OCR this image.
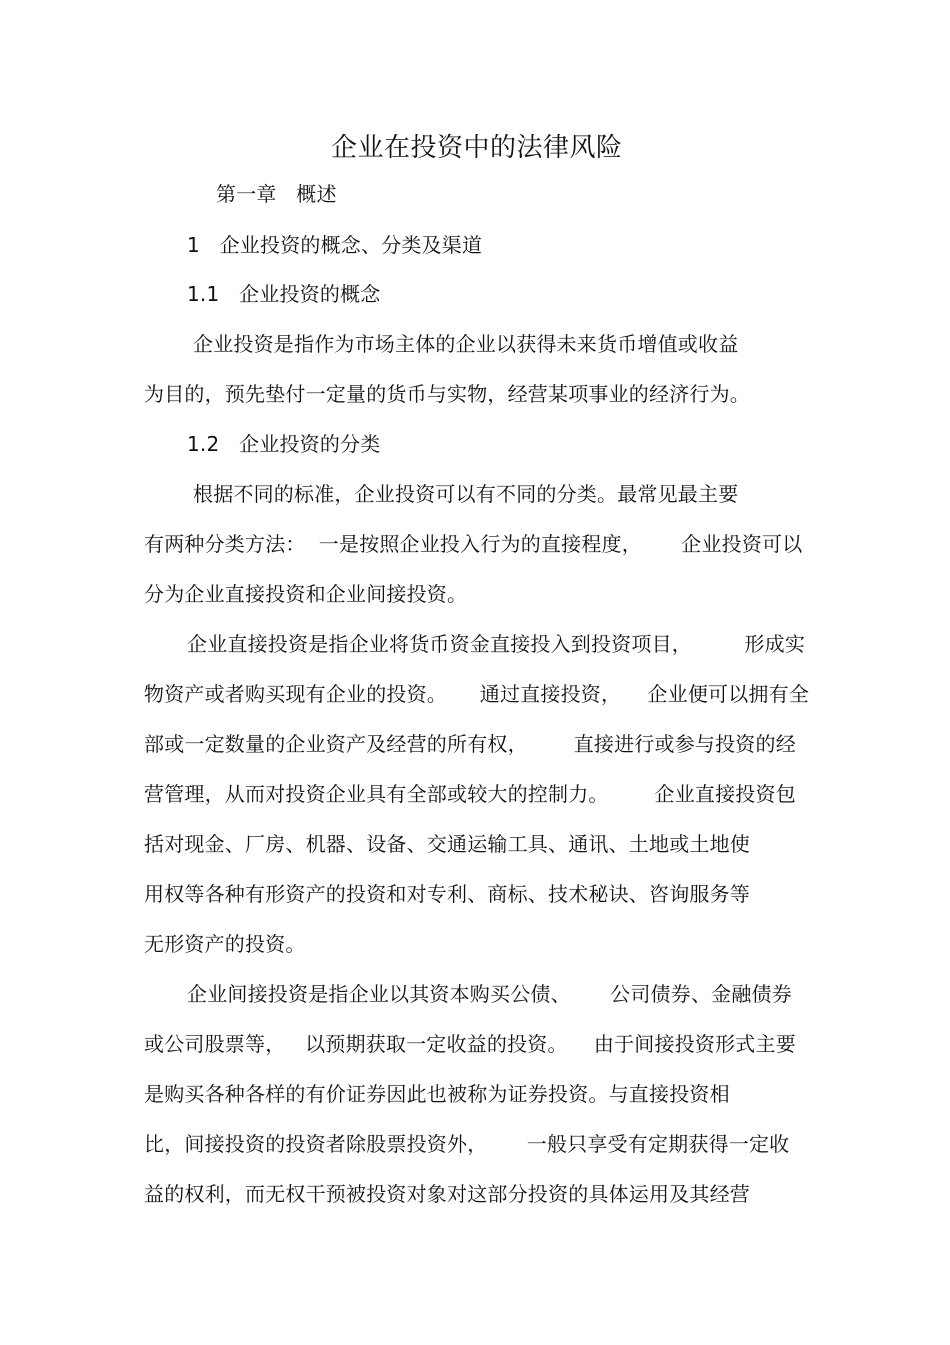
企业在投资中的法律风险
第一章   概述
1   企业投资的概念、分类及渠道
1.1   企业投资的概念
企业投资是指作为市场主体的企业以获得未来货币增值或收益
为目的，预先垫付一定量的货币与实物，经营某项事业的经济行为。
1.2   企业投资的分类
根据不同的标准，企业投资可以有不同的分类。最常见最主要
有两种分类方法：  一是按照企业投入行为的直接程度，      企业投资可以
分为企业直接投资和企业间接投资。
企业直接投资是指企业将货币资金直接投入到投资项目，        形成实
物资产或者购买现有企业的投资。     通过直接投资，    企业便可以拥有全
部或一定数量的企业资产及经营的所有权，       直接进行或参与投资的经
营管理，从而对投资企业具有全部或较大的控制力。       企业直接投资包
括对现金、厂房、机器、设备、交通运输工具、通讯、土地或土地使
用权等各种有形资产的投资和对专利、商标、技术秘诀、咨询服务等
无形资产的投资。
企业间接投资是指企业以其资本购买公债、      公司债券、金融债券
或公司股票等，   以预期获取一定收益的投资。    由于间接投资形式主要
是购买各种各样的有价证券因此也被称为证券投资。与直接投资相
比，间接投资的投资者除股票投资外，      一般只享受有定期获得一定收
益的权利，而无权干预被投资对象对这部分投资的具体运用及其经营
